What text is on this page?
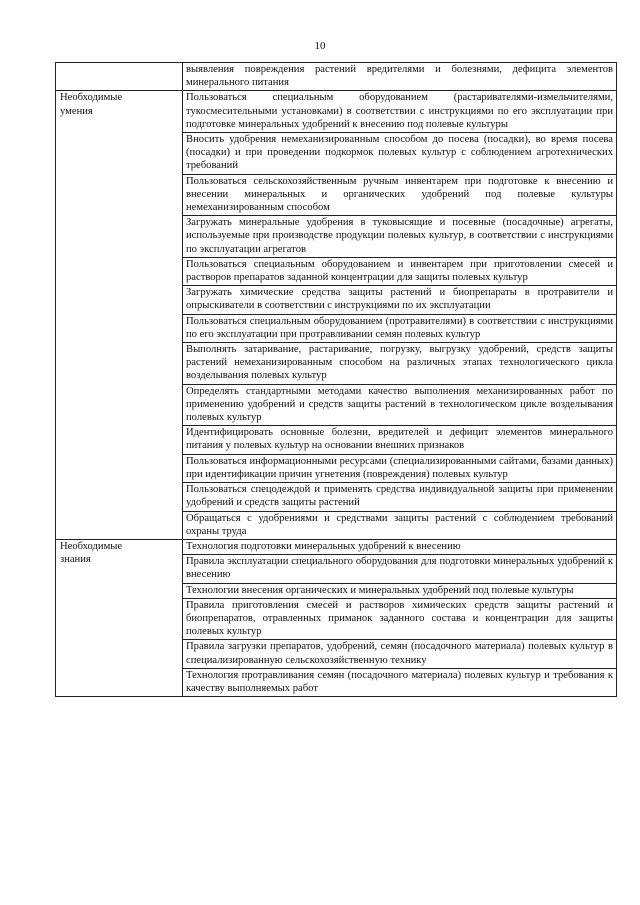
10
	выявления повреждения растений вредителями и болезнями, дефицита элементов минерального питания
Необходимые
умения	Пользоваться специальным оборудованием (растаривателями-измельчителями, тукосмесительными установками) в соответствии с инструкциями по его эксплуатации при подготовке минеральных удобрений к внесению под полевые культуры
	Вносить удобрения немеханизированным способом до посева (посадки), во время посева (посадки) и при проведении подкормок полевых культур с соблюдением агротехнических требований
	Пользоваться сельскохозяйственным ручным инвентарем при подготовке к внесению и внесении минеральных и органических удобрений под полевые культуры немеханизированным способом
	Загружать минеральные удобрения в туковысящие и посевные (посадочные) агрегаты, используемые при производстве продукции полевых культур, в соответствии с инструкциями по эксплуатации агрегатов
	Пользоваться специальным оборудованием и инвентарем при приготовлении смесей и растворов препаратов заданной концентрации для защиты полевых культур
	Загружать химические средства защиты растений и биопрепараты в протравители и опрыскиватели в соответствии с инструкциями по их эксплуатации
	Пользоваться специальным оборудованием (протравителями) в соответствии с инструкциями по его эксплуатации при протравливании семян полевых культур
	Выполнять затаривание, растаривание, погрузку, выгрузку удобрений, средств защиты растений немеханизированным способом на различных этапах технологического цикла возделывания полевых культур
	Определять стандартными методами качество выполнения механизированных работ по применению удобрений и средств защиты растений в технологическом цикле возделывания полевых культур
	Идентифицировать основные болезни, вредителей и дефицит элементов минерального питания у полевых культур на основании внешних признаков
	Пользоваться информационными ресурсами (специализированными сайтами, базами данных) при идентификации причин угнетения (повреждения) полевых культур
	Пользоваться спецодеждой и применять средства индивидуальной защиты при применении удобрений и средств защиты растений
	Обращаться с удобрениями и средствами защиты растений с соблюдением требований охраны труда
Необходимые
знания	Технология подготовки минеральных удобрений к внесению
	Правила эксплуатации специального оборудования для подготовки минеральных удобрений к внесению
	Технологии внесения органических и минеральных удобрений под полевые культуры
	Правила приготовления смесей и растворов химических средств защиты растений и биопрепаратов, отравленных приманок заданного состава и концентрации для защиты полевых культур
	Правила загрузки препаратов, удобрений, семян (посадочного материала) полевых культур в специализированную сельскохозяйственную технику
	Технология протравливания семян (посадочного материала) полевых культур и требования к качеству выполняемых работ
